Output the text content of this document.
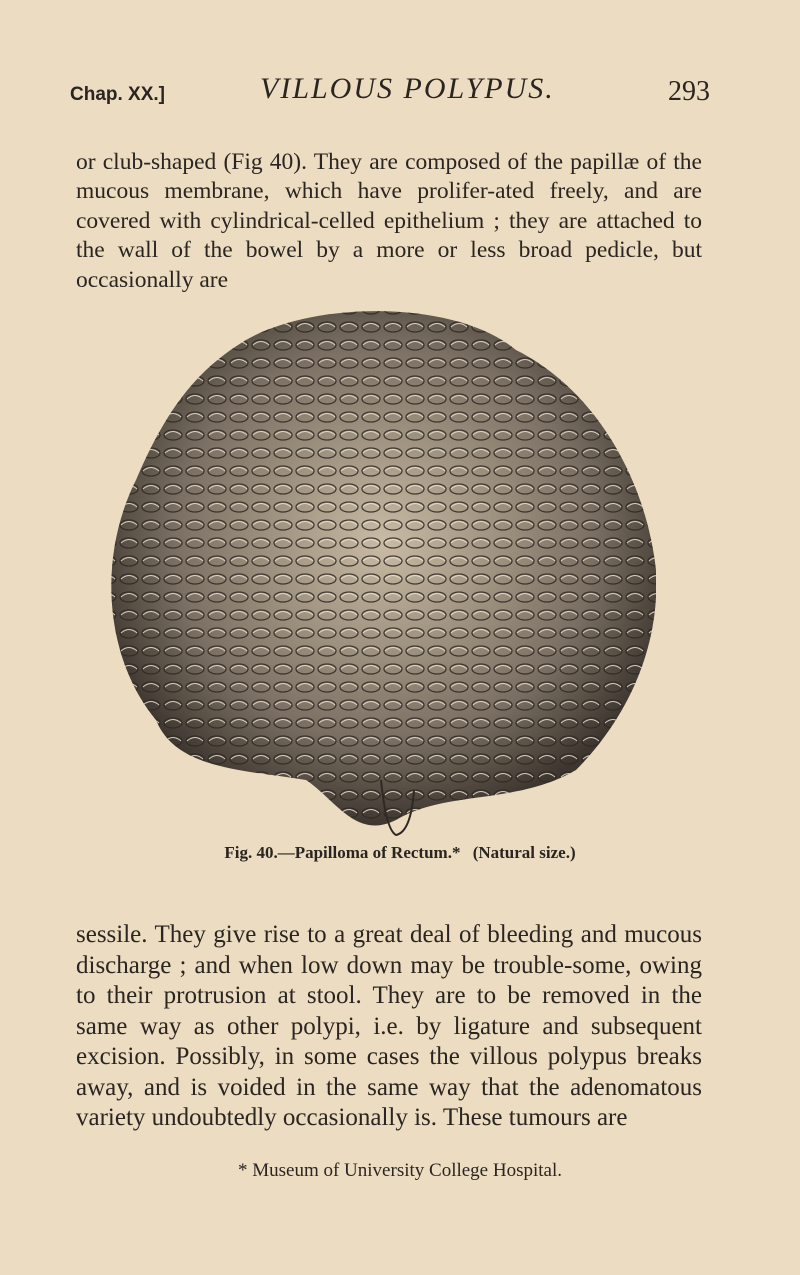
Chap. XX.]	VILLOUS POLYPUS.	293

or club-shaped (Fig 40). They are composed of the papillæ of the mucous membrane, which have prolifer-ated freely, and are covered with cylindrical-celled epithelium ; they are attached to the wall of the bowel by a more or less broad pedicle, but occasionally are

Fig. 40.—Papilloma of Rectum.* (Natural size.)

sessile. They give rise to a great deal of bleeding and mucous discharge ; and when low down may be trouble-some, owing to their protrusion at stool. They are to be removed in the same way as other polypi, i.e. by ligature and subsequent excision. Possibly, in some cases the villous polypus breaks away, and is voided in the same way that the adenomatous variety undoubtedly occasionally is. These tumours are

* Museum of University College Hospital.
